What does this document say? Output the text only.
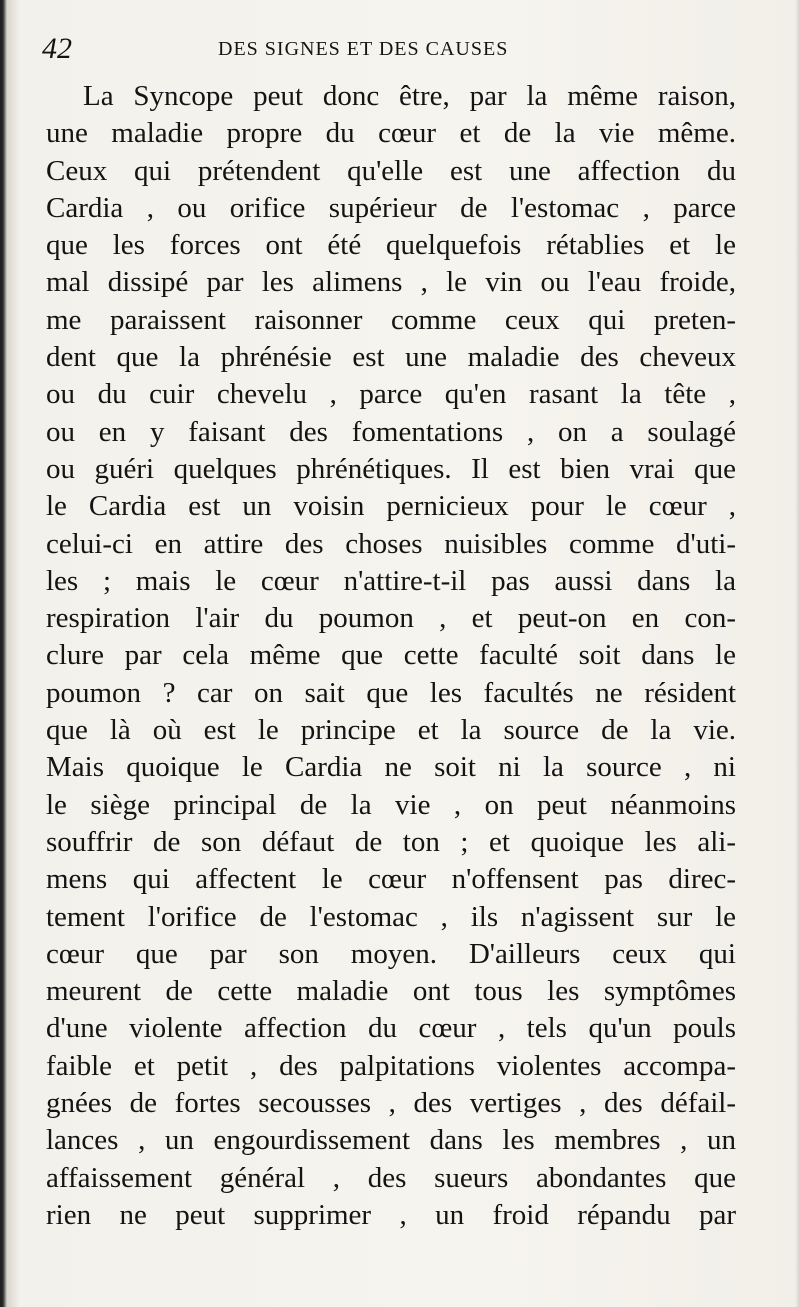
42	DES SIGNES ET DES CAUSES
La Syncope peut donc être, par la même raison,
une maladie propre du cœur et de la vie même.
Ceux qui prétendent qu'elle est une affection du
Cardia , ou orifice supérieur de l'estomac , parce
que les forces ont été quelquefois rétablies et le
mal dissipé par les alimens , le vin ou l'eau froide,
me paraissent raisonner comme ceux qui preten-
dent que la phrénésie est une maladie des cheveux
ou du cuir chevelu , parce qu'en rasant la tête ,
ou en y faisant des fomentations , on a soulagé
ou guéri quelques phrénétiques. Il est bien vrai que
le Cardia est un voisin pernicieux pour le cœur ,
celui-ci en attire des choses nuisibles comme d'uti-
les ; mais le cœur n'attire-t-il pas aussi dans la
respiration l'air du poumon , et peut-on en con-
clure par cela même que cette faculté soit dans le
poumon ? car on sait que les facultés ne résident
que là où est le principe et la source de la vie.
Mais quoique le Cardia ne soit ni la source , ni
le siège principal de la vie , on peut néanmoins
souffrir de son défaut de ton ; et quoique les ali-
mens qui affectent le cœur n'offensent pas direc-
tement l'orifice de l'estomac , ils n'agissent sur le
cœur que par son moyen. D'ailleurs ceux qui
meurent de cette maladie ont tous les symptômes
d'une violente affection du cœur , tels qu'un pouls
faible et petit , des palpitations violentes accompa-
gnées de fortes secousses , des vertiges , des défail-
lances , un engourdissement dans les membres , un
affaissement général , des sueurs abondantes que
rien ne peut supprimer , un froid répandu par
